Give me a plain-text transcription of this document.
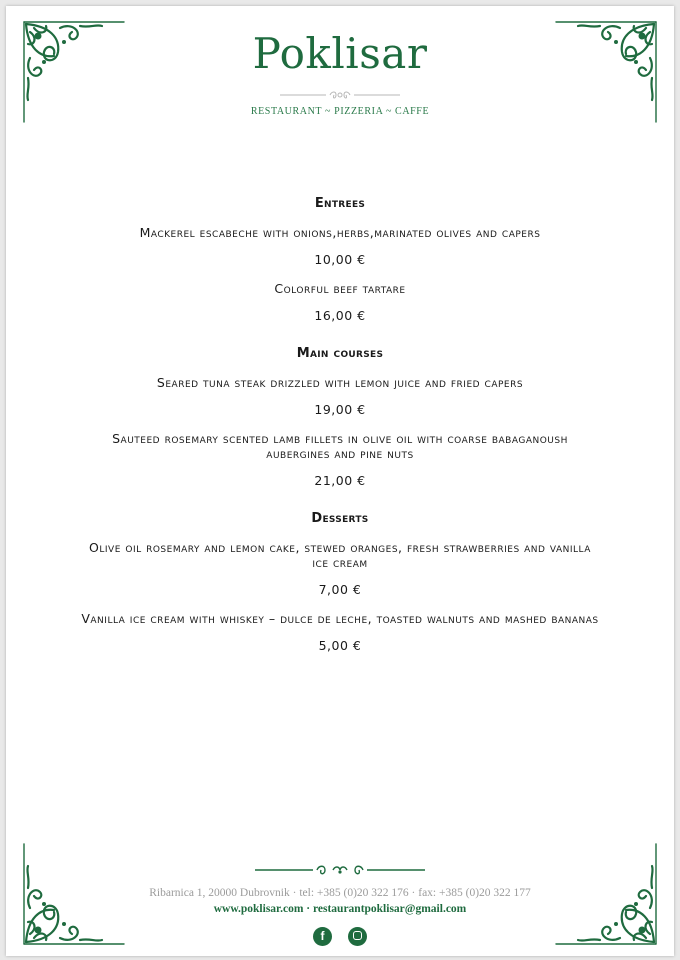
Poklisar
RESTAURANT ~ PIZZERIA ~ CAFFE
Entrees
Mackerel escabeche with onions,herbs,marinated olives and capers
10,00 €
Colorful beef tartare
16,00 €
Main courses
Seared tuna steak drizzled with lemon juice and fried capers
19,00 €
Sauteed rosemary scented lamb fillets in olive oil with coarse babaganoush aubergines and pine nuts
21,00 €
Desserts
Olive oil rosemary and lemon cake, stewed oranges, fresh strawberries and vanilla ice cream
7,00 €
Vanilla ice cream with whiskey – dulce de leche, toasted walnuts and mashed bananas
5,00 €
Ribarnica 1, 20000 Dubrovnik · tel: +385 (0)20 322 176 · fax: +385 (0)20 322 177
www.poklisar.com · restaurantpoklisar@gmail.com
f
